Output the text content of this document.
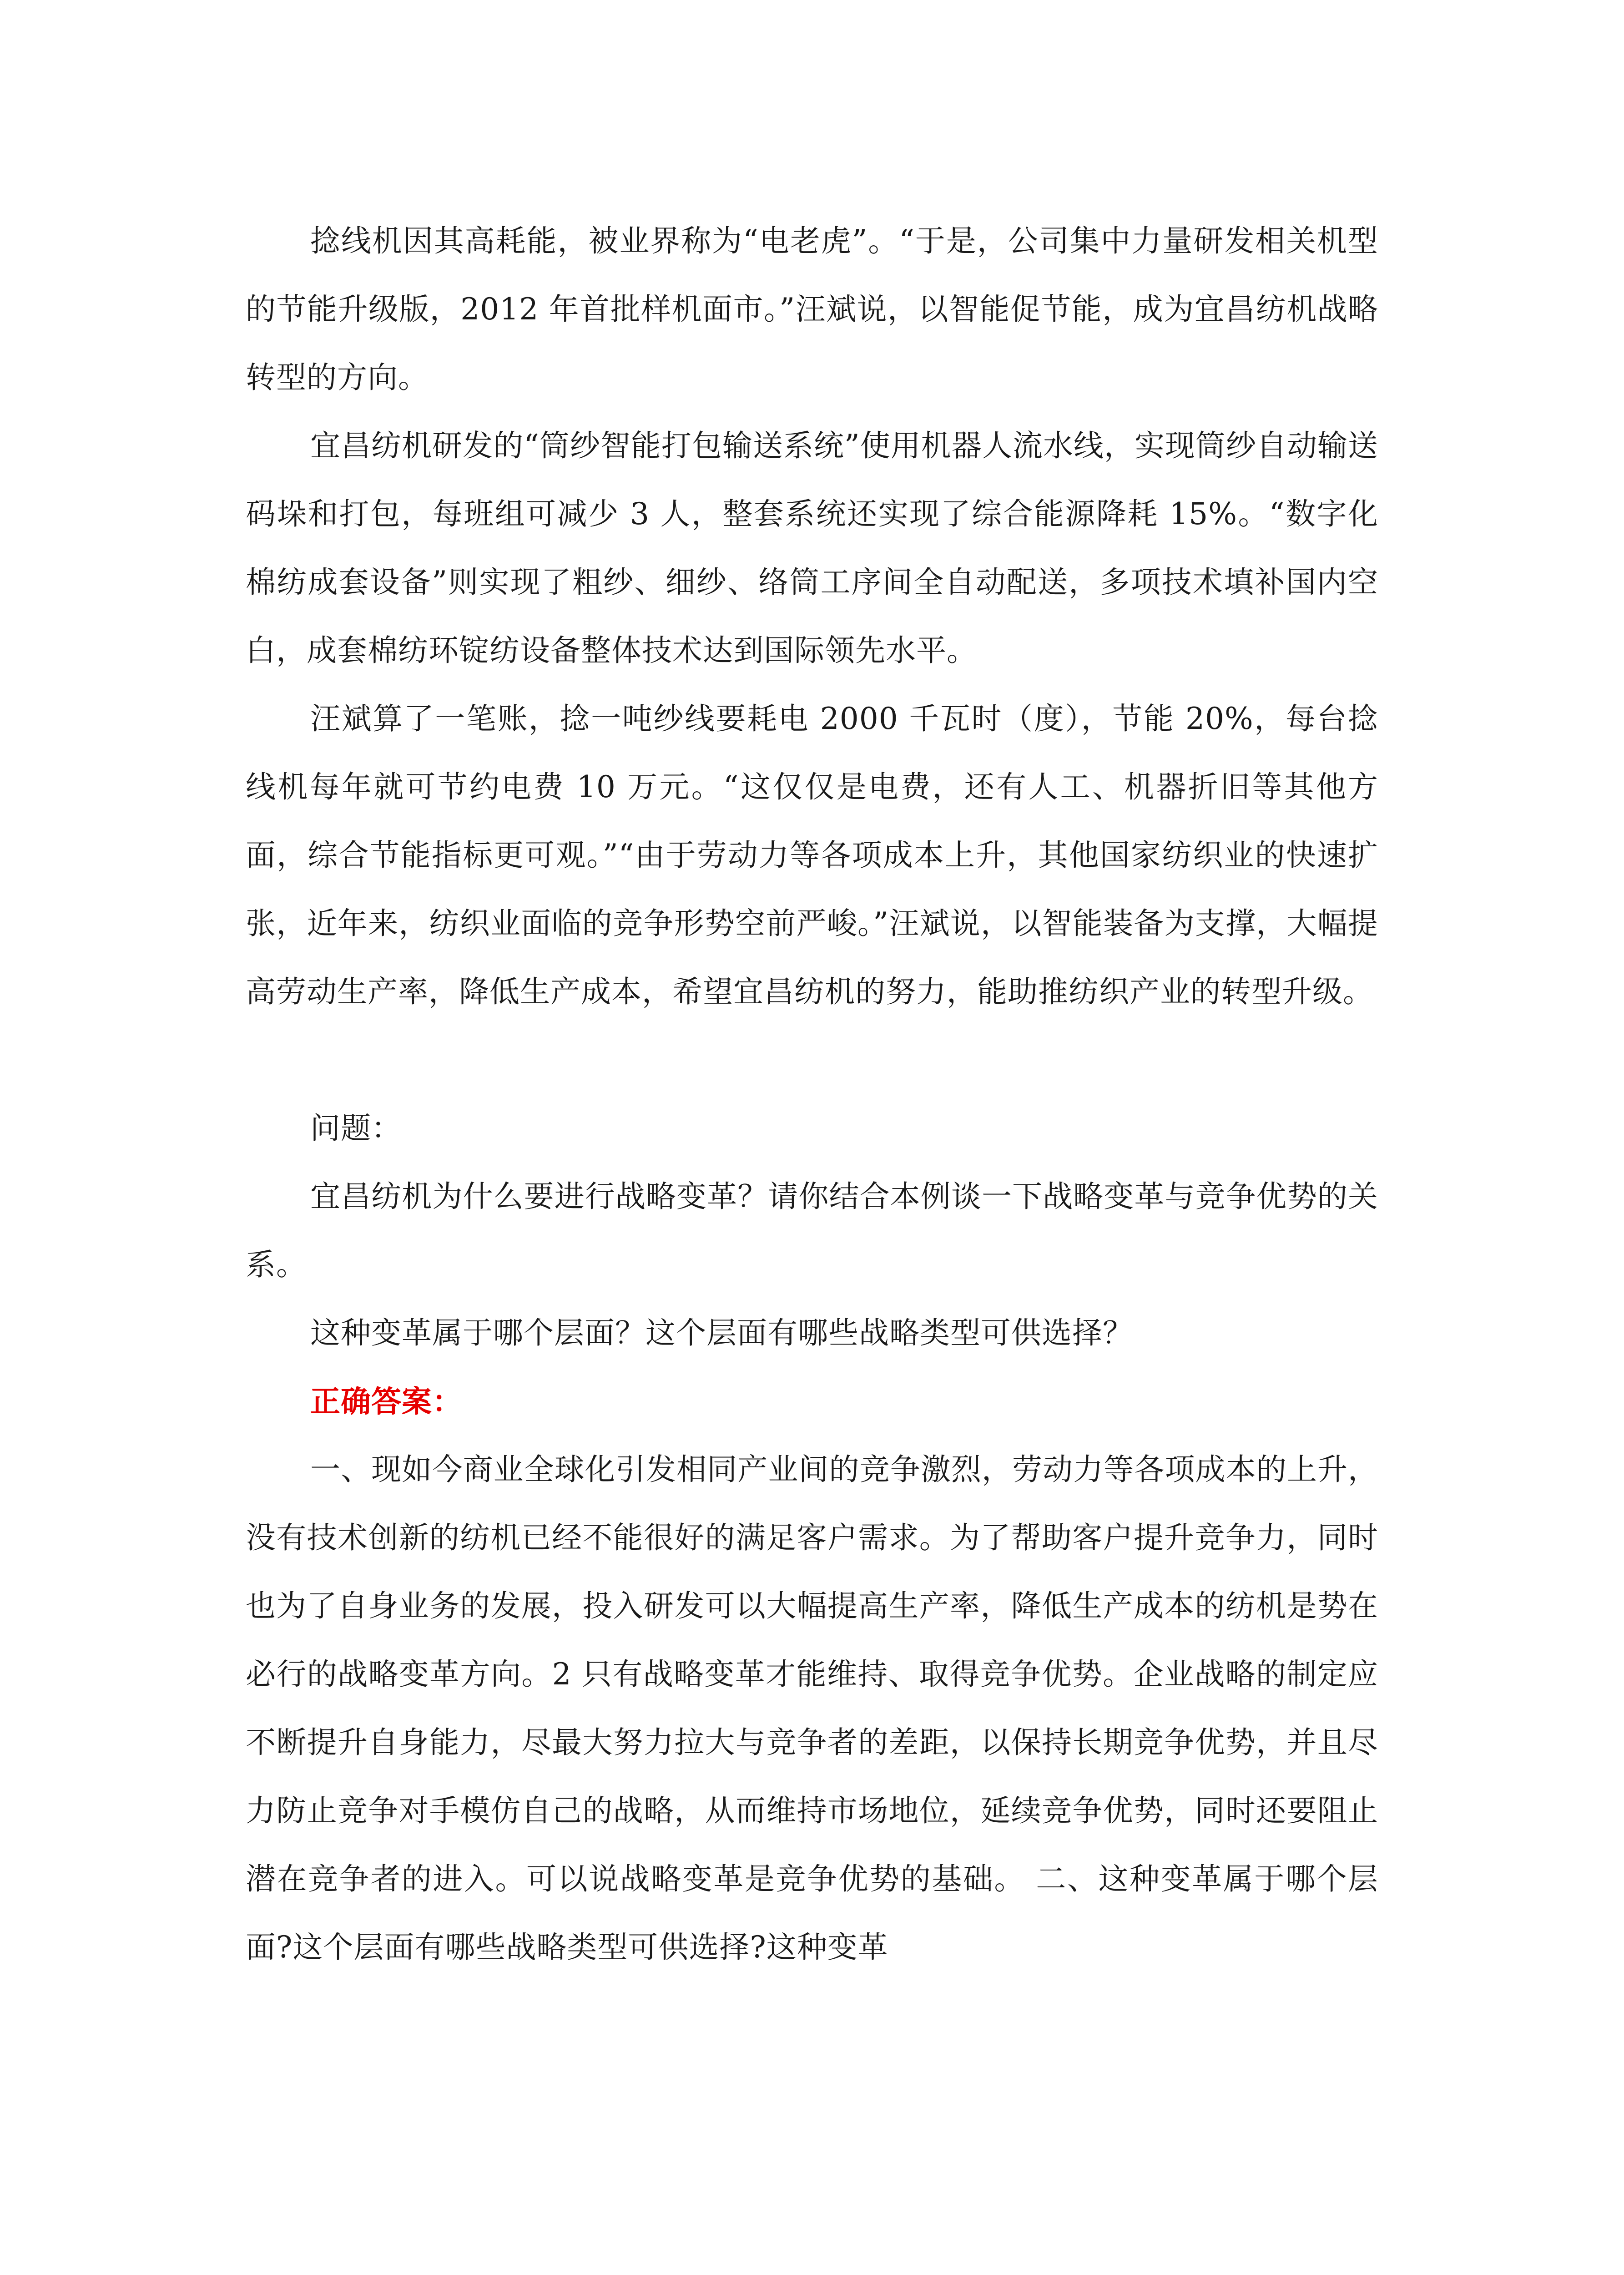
捻线机因其高耗能，被业界称为“电老虎”。“于是，公司集中力量研发相关机型的节能升级版，2012 年首批样机面市。”汪斌说，以智能促节能，成为宜昌纺机战略转型的方向。

宜昌纺机研发的“筒纱智能打包输送系统”使用机器人流水线，实现筒纱自动输送码垛和打包，每班组可减少 3 人，整套系统还实现了综合能源降耗 15%。“数字化棉纺成套设备”则实现了粗纱、细纱、络筒工序间全自动配送，多项技术填补国内空白，成套棉纺环锭纺设备整体技术达到国际领先水平。

汪斌算了一笔账，捻一吨纱线要耗电 2000 千瓦时（度），节能 20%，每台捻线机每年就可节约电费 10 万元。“这仅仅是电费，还有人工、机器折旧等其他方面，综合节能指标更可观。”“由于劳动力等各项成本上升，其他国家纺织业的快速扩张，近年来，纺织业面临的竞争形势空前严峻。”汪斌说，以智能装备为支撑，大幅提高劳动生产率，降低生产成本，希望宜昌纺机的努力，能助推纺织产业的转型升级。

问题：

宜昌纺机为什么要进行战略变革？请你结合本例谈一下战略变革与竞争优势的关系。

这种变革属于哪个层面？这个层面有哪些战略类型可供选择？

正确答案：

一、现如今商业全球化引发相同产业间的竞争激烈，劳动力等各项成本的上升，没有技术创新的纺机已经不能很好的满足客户需求。为了帮助客户提升竞争力，同时也为了自身业务的发展，投入研发可以大幅提高生产率，降低生产成本的纺机是势在必行的战略变革方向。2 只有战略变革才能维持、取得竞争优势。企业战略的制定应不断提升自身能力，尽最大努力拉大与竞争者的差距，以保持长期竞争优势，并且尽力防止竞争对手模仿自己的战略，从而维持市场地位，延续竞争优势，同时还要阻止潜在竞争者的进入。可以说战略变革是竞争优势的基础。 二、这种变革属于哪个层面?这个层面有哪些战略类型可供选择?这种变革
